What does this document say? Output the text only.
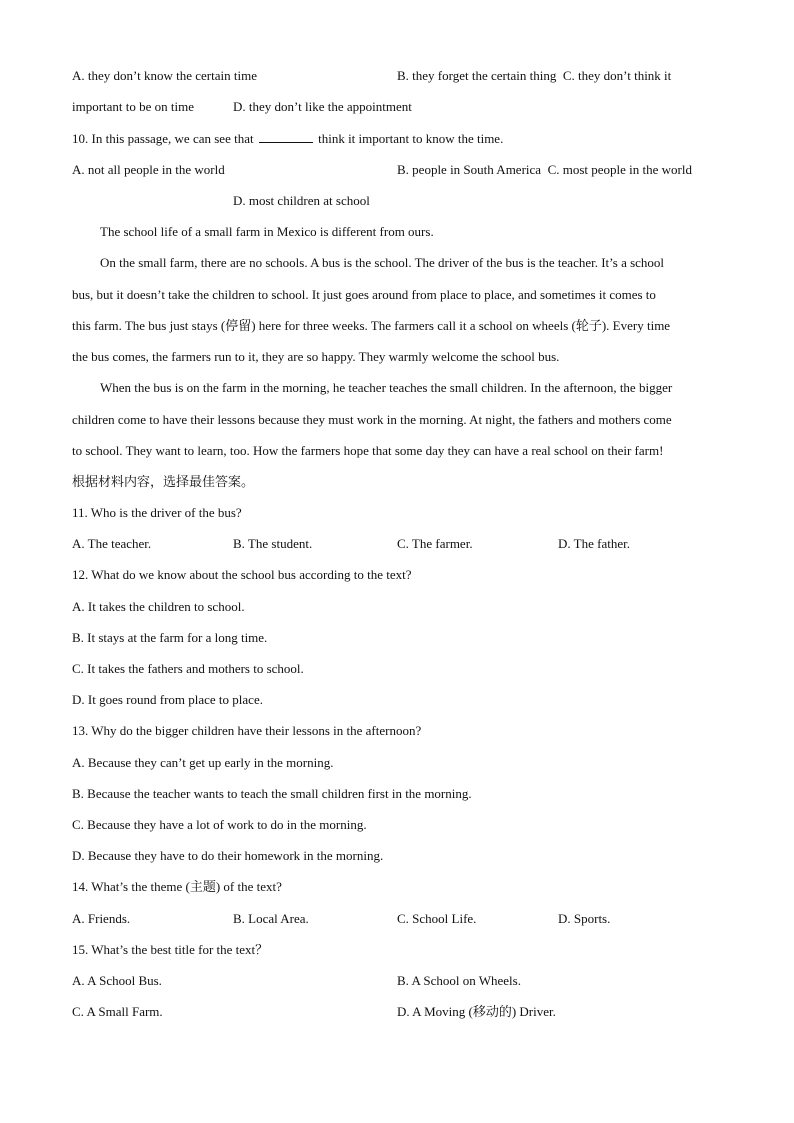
A. they don’t know the certain time	B. they forget the certain thing C. they don’t think it
important to be on time	D. they don’t like the appointment
10. In this passage, we can see that	think it important to know the time.
A. not all people in the world	B. people in South America C. most people in the world
D. most children at school
The school life of a small farm in Mexico is different from ours.
On the small farm, there are no schools. A bus is the school. The driver of the bus is the teacher. It’s a school
bus, but it doesn’t take the children to school. It just goes around from place to place, and sometimes it comes to
this farm. The bus just stays (停留) here for three weeks. The farmers call it a school on wheels (轮子). Every time
the bus comes, the farmers run to it, they are so happy. They warmly welcome the school bus.
When the bus is on the farm in the morning, he teacher teaches the small children. In the afternoon, the bigger
children come to have their lessons because they must work in the morning. At night, the fathers and mothers come
to school. They want to learn, too. How the farmers hope that some day they can have a real school on their farm!
根据材料内容，选择最佳答案。
11. Who is the driver of the bus?
A. The teacher.	B. The student.	C. The farmer.	D. The father.
12. What do we know about the school bus according to the text?
A. It takes the children to school.
B. It stays at the farm for a long time.
C. It takes the fathers and mothers to school.
D. It goes round from place to place.
13. Why do the bigger children have their lessons in the afternoon?
A. Because they can’t get up early in the morning.
B. Because the teacher wants to teach the small children first in the morning.
C. Because they have a lot of work to do in the morning.
D. Because they have to do their homework in the morning.
14. What’s the theme (主题) of the text?
A. Friends.	B. Local Area.	C. School Life.	D. Sports.
15. What’s the best title for the text？
A. A School Bus.	B. A School on Wheels.
C. A Small Farm.	D. A Moving (移动的) Driver.
